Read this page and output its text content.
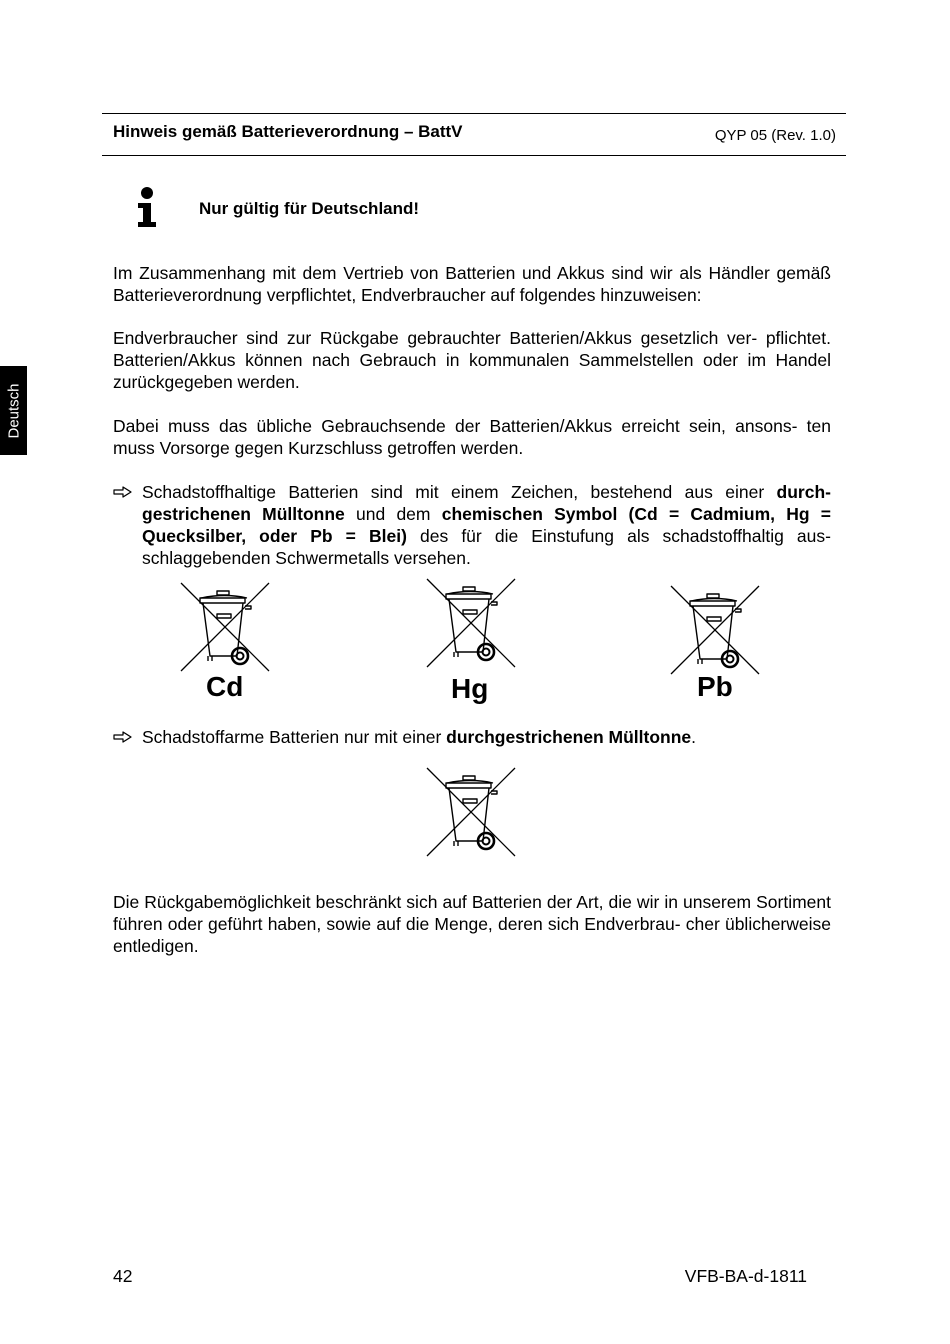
Hinweis gemäß Batterieverordnung – BattV	QYP 05 (Rev. 1.0)
Deutsch
Nur gültig für Deutschland!

Im Zusammenhang mit dem Vertrieb von Batterien und Akkus sind wir als Händler gemäß Batterieverordnung verpflichtet, Endverbraucher auf folgendes hinzuweisen:

Endverbraucher sind zur Rückgabe gebrauchter Batterien/Akkus gesetzlich ver- pflichtet. Batterien/Akkus können nach Gebrauch in kommunalen Sammelstellen oder im Handel zurückgegeben werden.

Dabei muss das übliche Gebrauchsende der Batterien/Akkus erreicht sein, ansons- ten muss Vorsorge gegen Kurzschluss getroffen werden.

Schadstoffhaltige Batterien sind mit einem Zeichen, bestehend aus einer durch- gestrichenen Mülltonne und dem chemischen Symbol (Cd = Cadmium, Hg = Quecksilber, oder Pb = Blei) des für die Einstufung als schadstoffhaltig aus- schlaggebenden Schwermetalls versehen.

Cd	Hg	Pb

Schadstoffarme Batterien nur mit einer durchgestrichenen Mülltonne.

Die Rückgabemöglichkeit beschränkt sich auf Batterien der Art, die wir in unserem Sortiment führen oder geführt haben, sowie auf die Menge, deren sich Endverbrau- cher üblicherweise entledigen.

42	VFB-BA-d-1811
